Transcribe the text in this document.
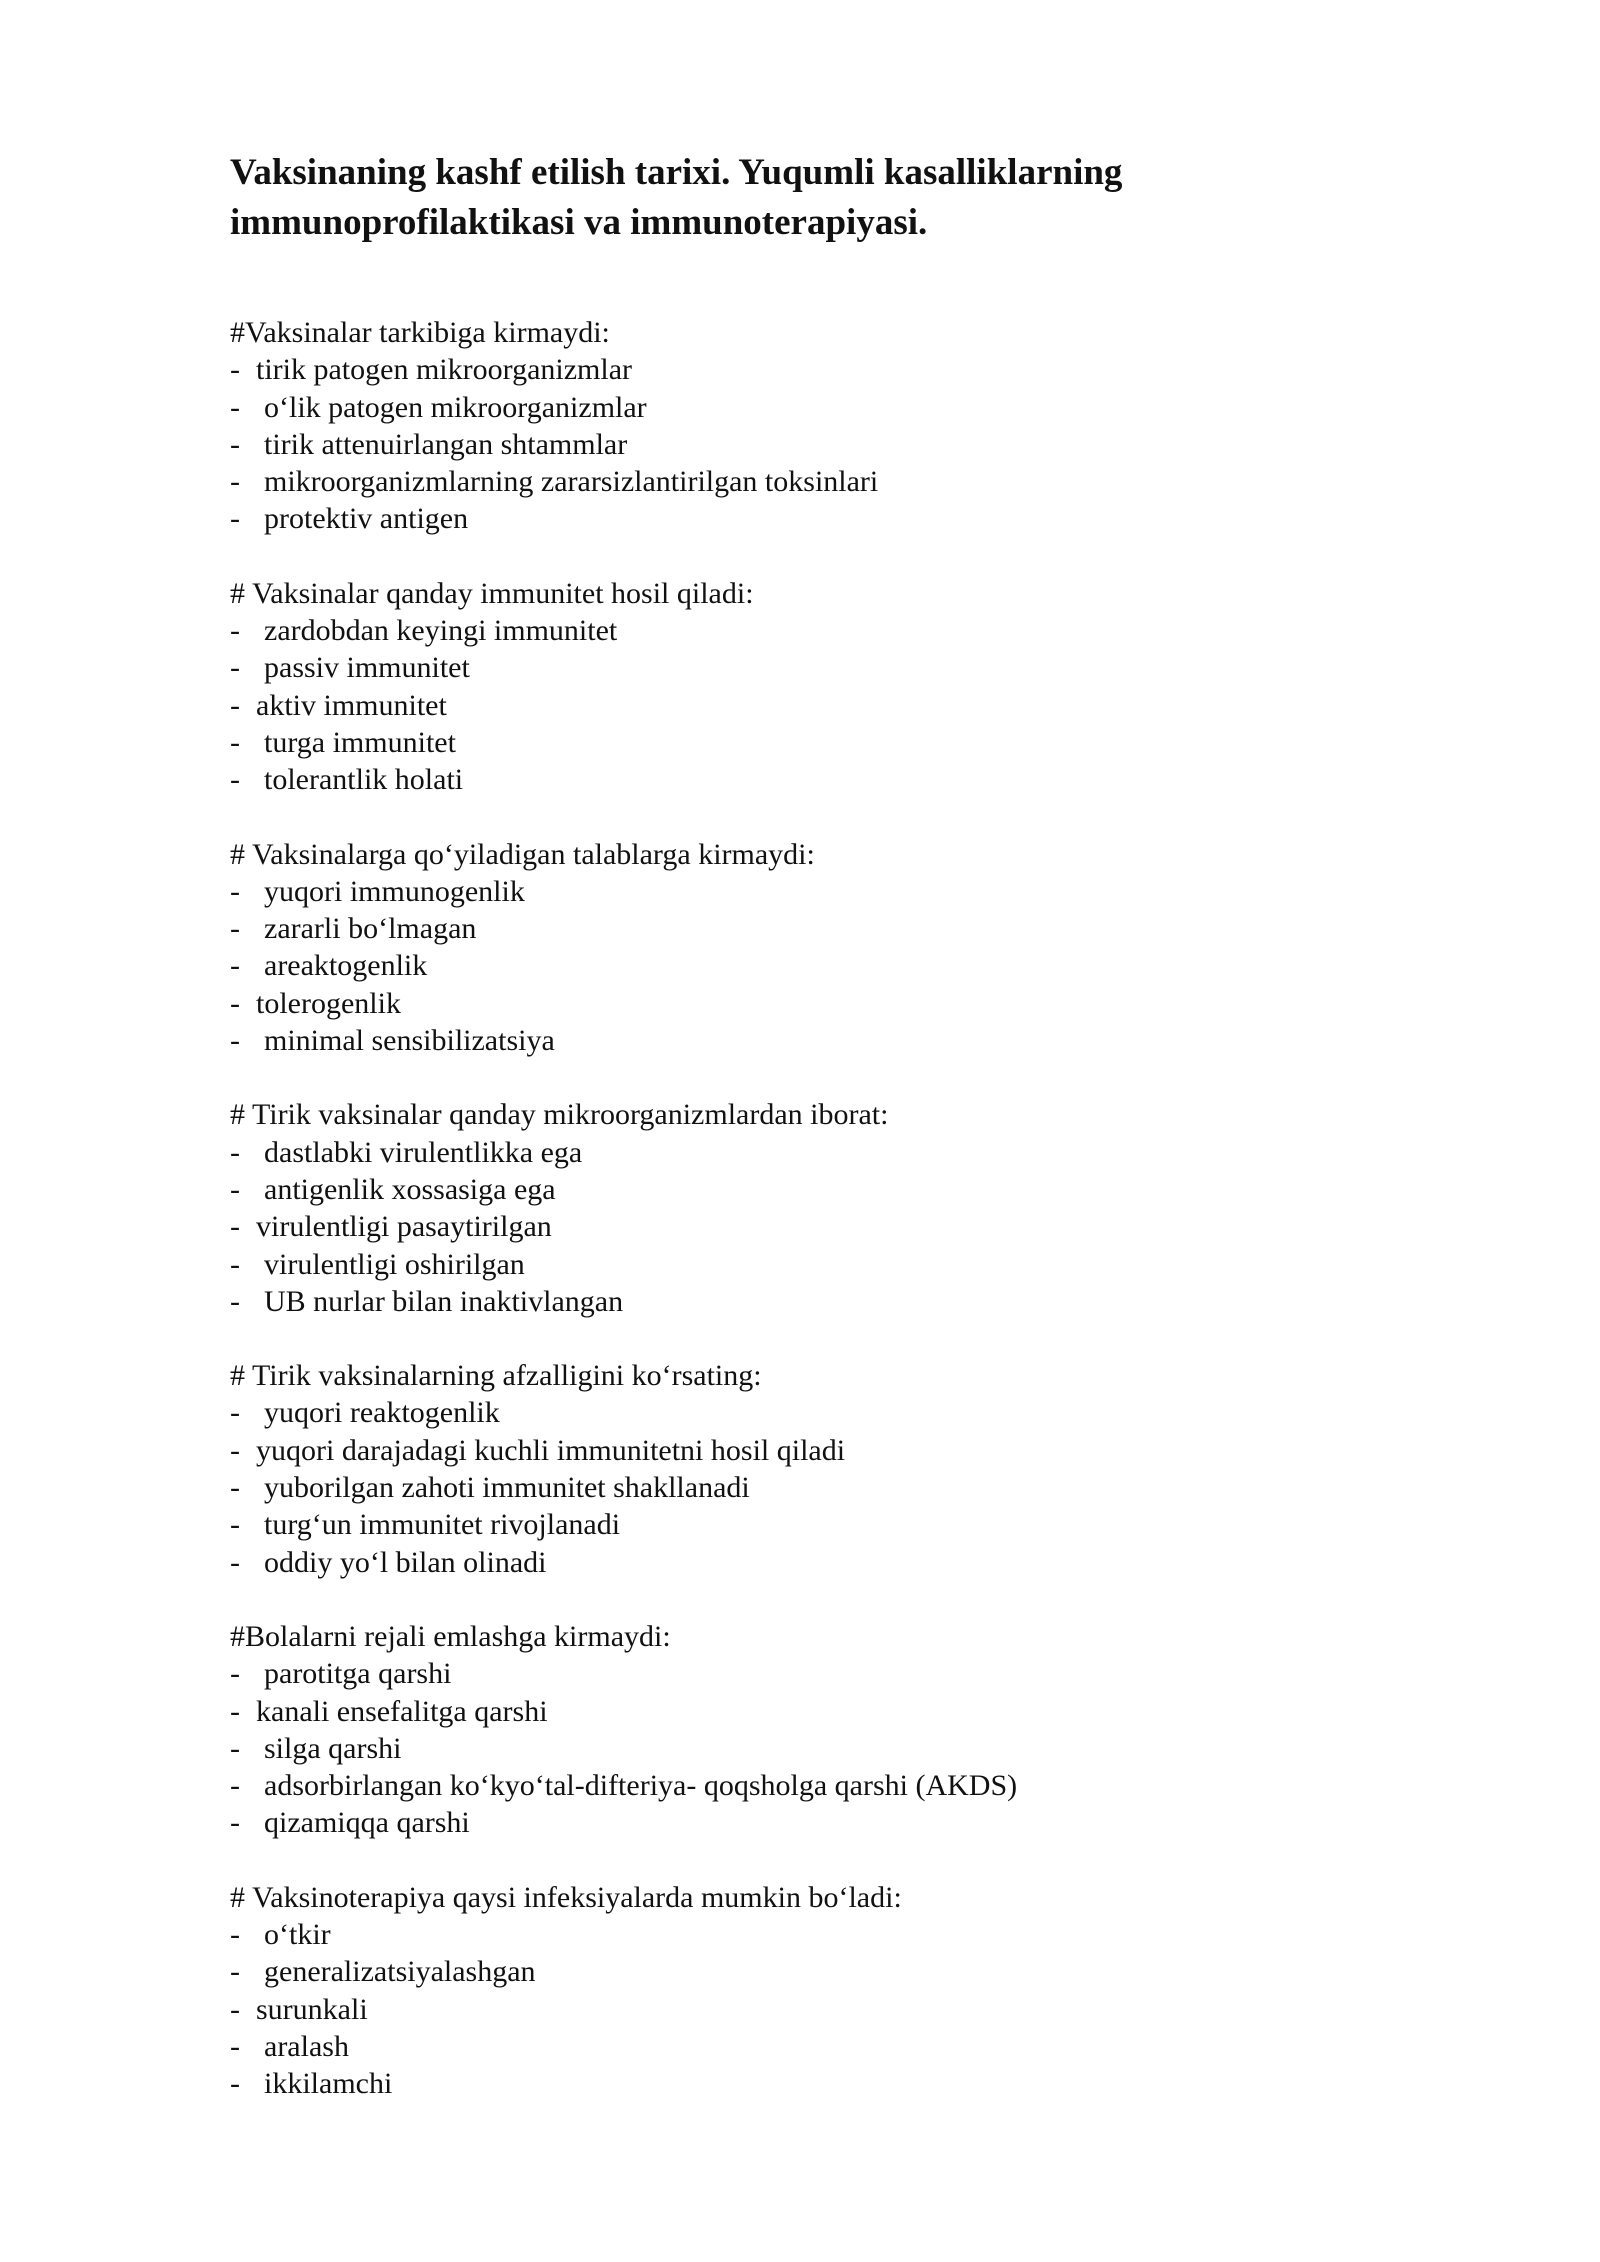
Vaksinaning kashf etilish tarixi. Yuqumli kasalliklarning immunoprofilaktikasi va immunoterapiyasi.
#Vaksinalar tarkibiga kirmaydi:
- tirik patogen mikroorganizmlar
- o‘lik patogen mikroorganizmlar
- tirik attenuirlangan shtammlar
- mikroorganizmlarning zararsizlantirilgan toksinlari
- protektiv antigen
# Vaksinalar qanday immunitet hosil qiladi:
- zardobdan keyingi immunitet
- passiv immunitet
- aktiv immunitet
- turga immunitet
- tolerantlik holati
# Vaksinalarga qo‘yiladigan talablarga kirmaydi:
- yuqori immunogenlik
- zararli bo‘lmagan
- areaktogenlik
- tolerogenlik
- minimal sensibilizatsiya
# Tirik vaksinalar qanday mikroorganizmlardan iborat:
- dastlabki virulentlikka ega
- antigenlik xossasiga ega
- virulentligi pasaytirilgan
- virulentligi oshirilgan
- UB nurlar bilan inaktivlangan
# Tirik vaksinalarning afzalligini ko‘rsating:
- yuqori reaktogenlik
- yuqori darajadagi kuchli immunitetni hosil qiladi
- yuborilgan zahoti immunitet shakllanadi
- turg‘un immunitet rivojlanadi
- oddiy yo‘l bilan olinadi
#Bolalarni rejali emlashga kirmaydi:
- parotitga qarshi
- kanali ensefalitga qarshi
- silga qarshi
- adsorbirlangan ko‘kyo‘tal-difteriya- qoqsholga qarshi (AKDS)
- qizamiqqa qarshi
# Vaksinoterapiya qaysi infeksiyalarda mumkin bo‘ladi:
- o‘tkir
- generalizatsiyalashgan
- surunkali
- aralash
- ikkilamchi
